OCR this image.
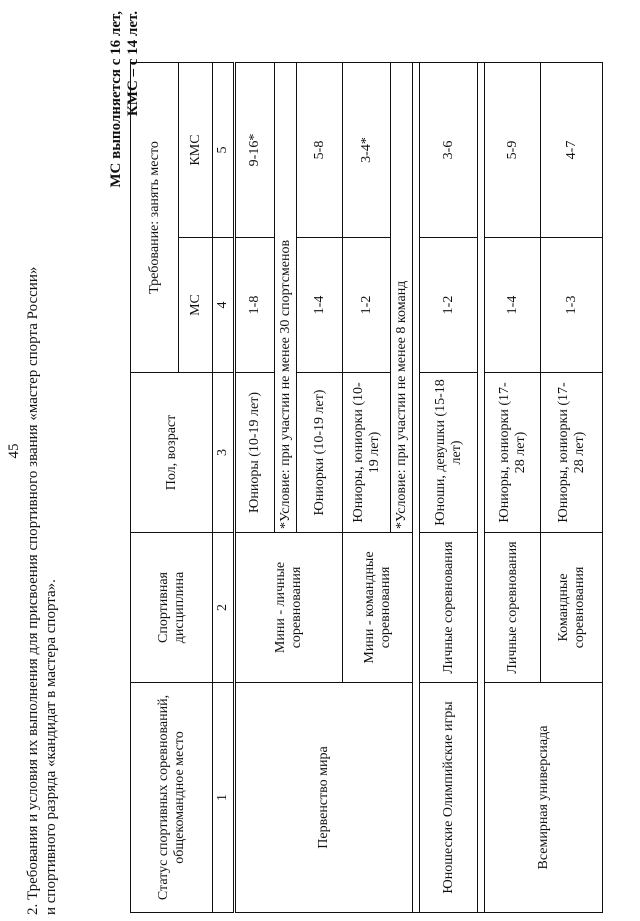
45 2. Требования и условия их выполнения для присвоения спортивного звания «мастер спорта России» и спортивного разряда «кандидат в мастера спорта».
МС выполняется с 16 лет, КМС – с 14 лет.
Статус спортивных соревнований, общекомандное место	Спортивная дисциплина	Пол, возраст	Требование: занять место	
			МС	КМС
1	2	3	4	5
Первенство мира	Мини - личные соревнования	Юниоры (10-19 лет)	1-8	9-16*
		*Условие: при участии не менее 30 спортсменов		
		Юниорки (10-19 лет)	1-4	5-8
	Мини - командные соревнования	Юниоры, юниорки (10-19 лет)	1-2	3-4*
		*Условие: при участии не менее 8 команд		

Юношеские Олимпийские игры	Личные соревнования	Юноши, девушки (15-18 лет)	1-2	3-6

Всемирная универсиада	Личные соревнования	Юниоры, юниорки (17-28 лет)	1-4	5-9
	Командные соревнования	Юниоры, юниорки (17-28 лет)	1-3	4-7
